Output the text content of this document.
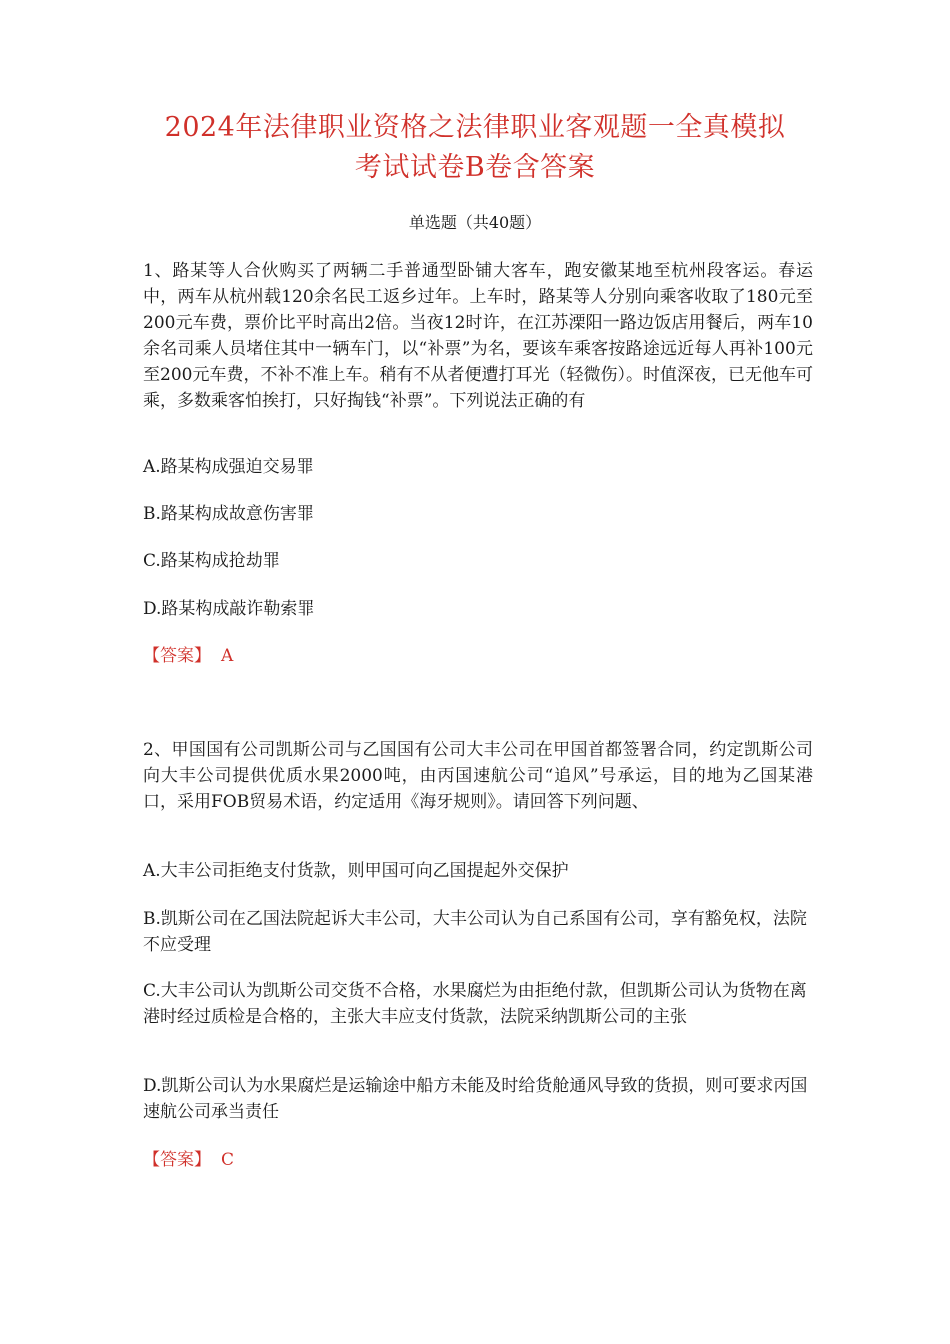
2024年法律职业资格之法律职业客观题一全真模拟
考试试卷B卷含答案
单选题（共40题）
1、路某等人合伙购买了两辆二手普通型卧铺大客车，跑安徽某地至杭州段客运。春运中，两车从杭州载120余名民工返乡过年。上车时，路某等人分别向乘客收取了180元至200元车费，票价比平时高出2倍。当夜12时许，在江苏溧阳一路边饭店用餐后，两车10余名司乘人员堵住其中一辆车门，以“补票”为名，要该车乘客按路途远近每人再补100元至200元车费，不补不准上车。稍有不从者便遭打耳光（轻微伤）。时值深夜，已无他车可乘，多数乘客怕挨打，只好掏钱“补票”。下列说法正确的有
A.路某构成强迫交易罪
B.路某构成故意伤害罪
C.路某构成抢劫罪
D.路某构成敲诈勒索罪
【答案】 A
2、甲国国有公司凯斯公司与乙国国有公司大丰公司在甲国首都签署合同，约定凯斯公司向大丰公司提供优质水果2000吨，由丙国速航公司“追风”号承运，目的地为乙国某港口，采用FOB贸易术语，约定适用《海牙规则》。请回答下列问题、
A.大丰公司拒绝支付货款，则甲国可向乙国提起外交保护
B.凯斯公司在乙国法院起诉大丰公司，大丰公司认为自己系国有公司，享有豁免权，法院不应受理
C.大丰公司认为凯斯公司交货不合格，水果腐烂为由拒绝付款，但凯斯公司认为货物在离港时经过质检是合格的，主张大丰应支付货款，法院采纳凯斯公司的主张
D.凯斯公司认为水果腐烂是运输途中船方未能及时给货舱通风导致的货损，则可要求丙国速航公司承当责任
【答案】 C
